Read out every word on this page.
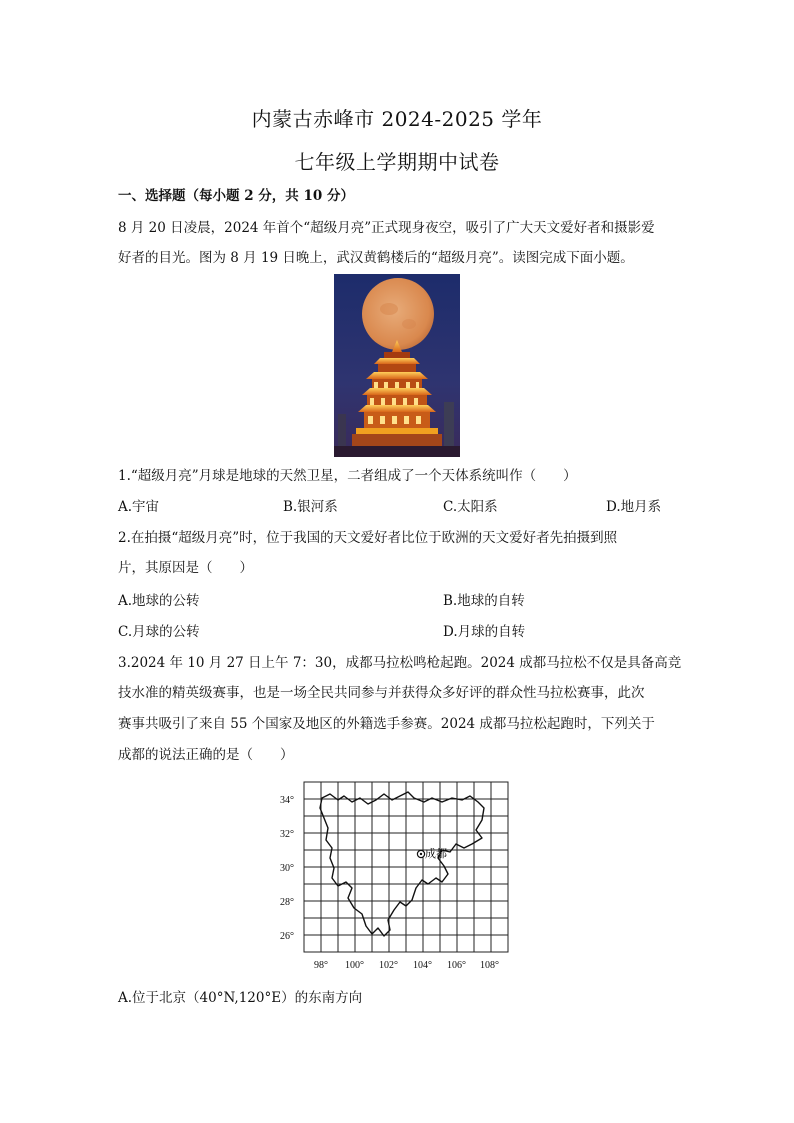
内蒙古赤峰市 2024-2025 学年
七年级上学期期中试卷
一、选择题（每小题 2 分，共 10 分）
8 月 20 日凌晨，2024 年首个“超级月亮”正式现身夜空，吸引了广大天文爱好者和摄影爱
好者的目光。图为 8 月 19 日晚上，武汉黄鹤楼后的“超级月亮”。读图完成下面小题。
1.“超级月亮”月球是地球的天然卫星，二者组成了一个天体系统叫作（　　）
A.宇宙	B.银河系	C.太阳系	D.地月系
2.在拍摄“超级月亮”时，位于我国的天文爱好者比位于欧洲的天文爱好者先拍摄到照
片，其原因是（　　）
A.地球的公转	B.地球的自转
C.月球的公转	D.月球的自转
3.2024 年 10 月 27 日上午 7：30，成都马拉松鸣枪起跑。2024 成都马拉松不仅是具备高竞
技水准的精英级赛事，也是一场全民共同参与并获得众多好评的群众性马拉松赛事，此次
赛事共吸引了来自 55 个国家及地区的外籍选手参赛。2024 成都马拉松起跑时，下列关于
成都的说法正确的是（　　）
成都
34°
32°
30°
28°
26°
98° 100° 102° 104° 106° 108°
A.位于北京（40°N,120°E）的东南方向
